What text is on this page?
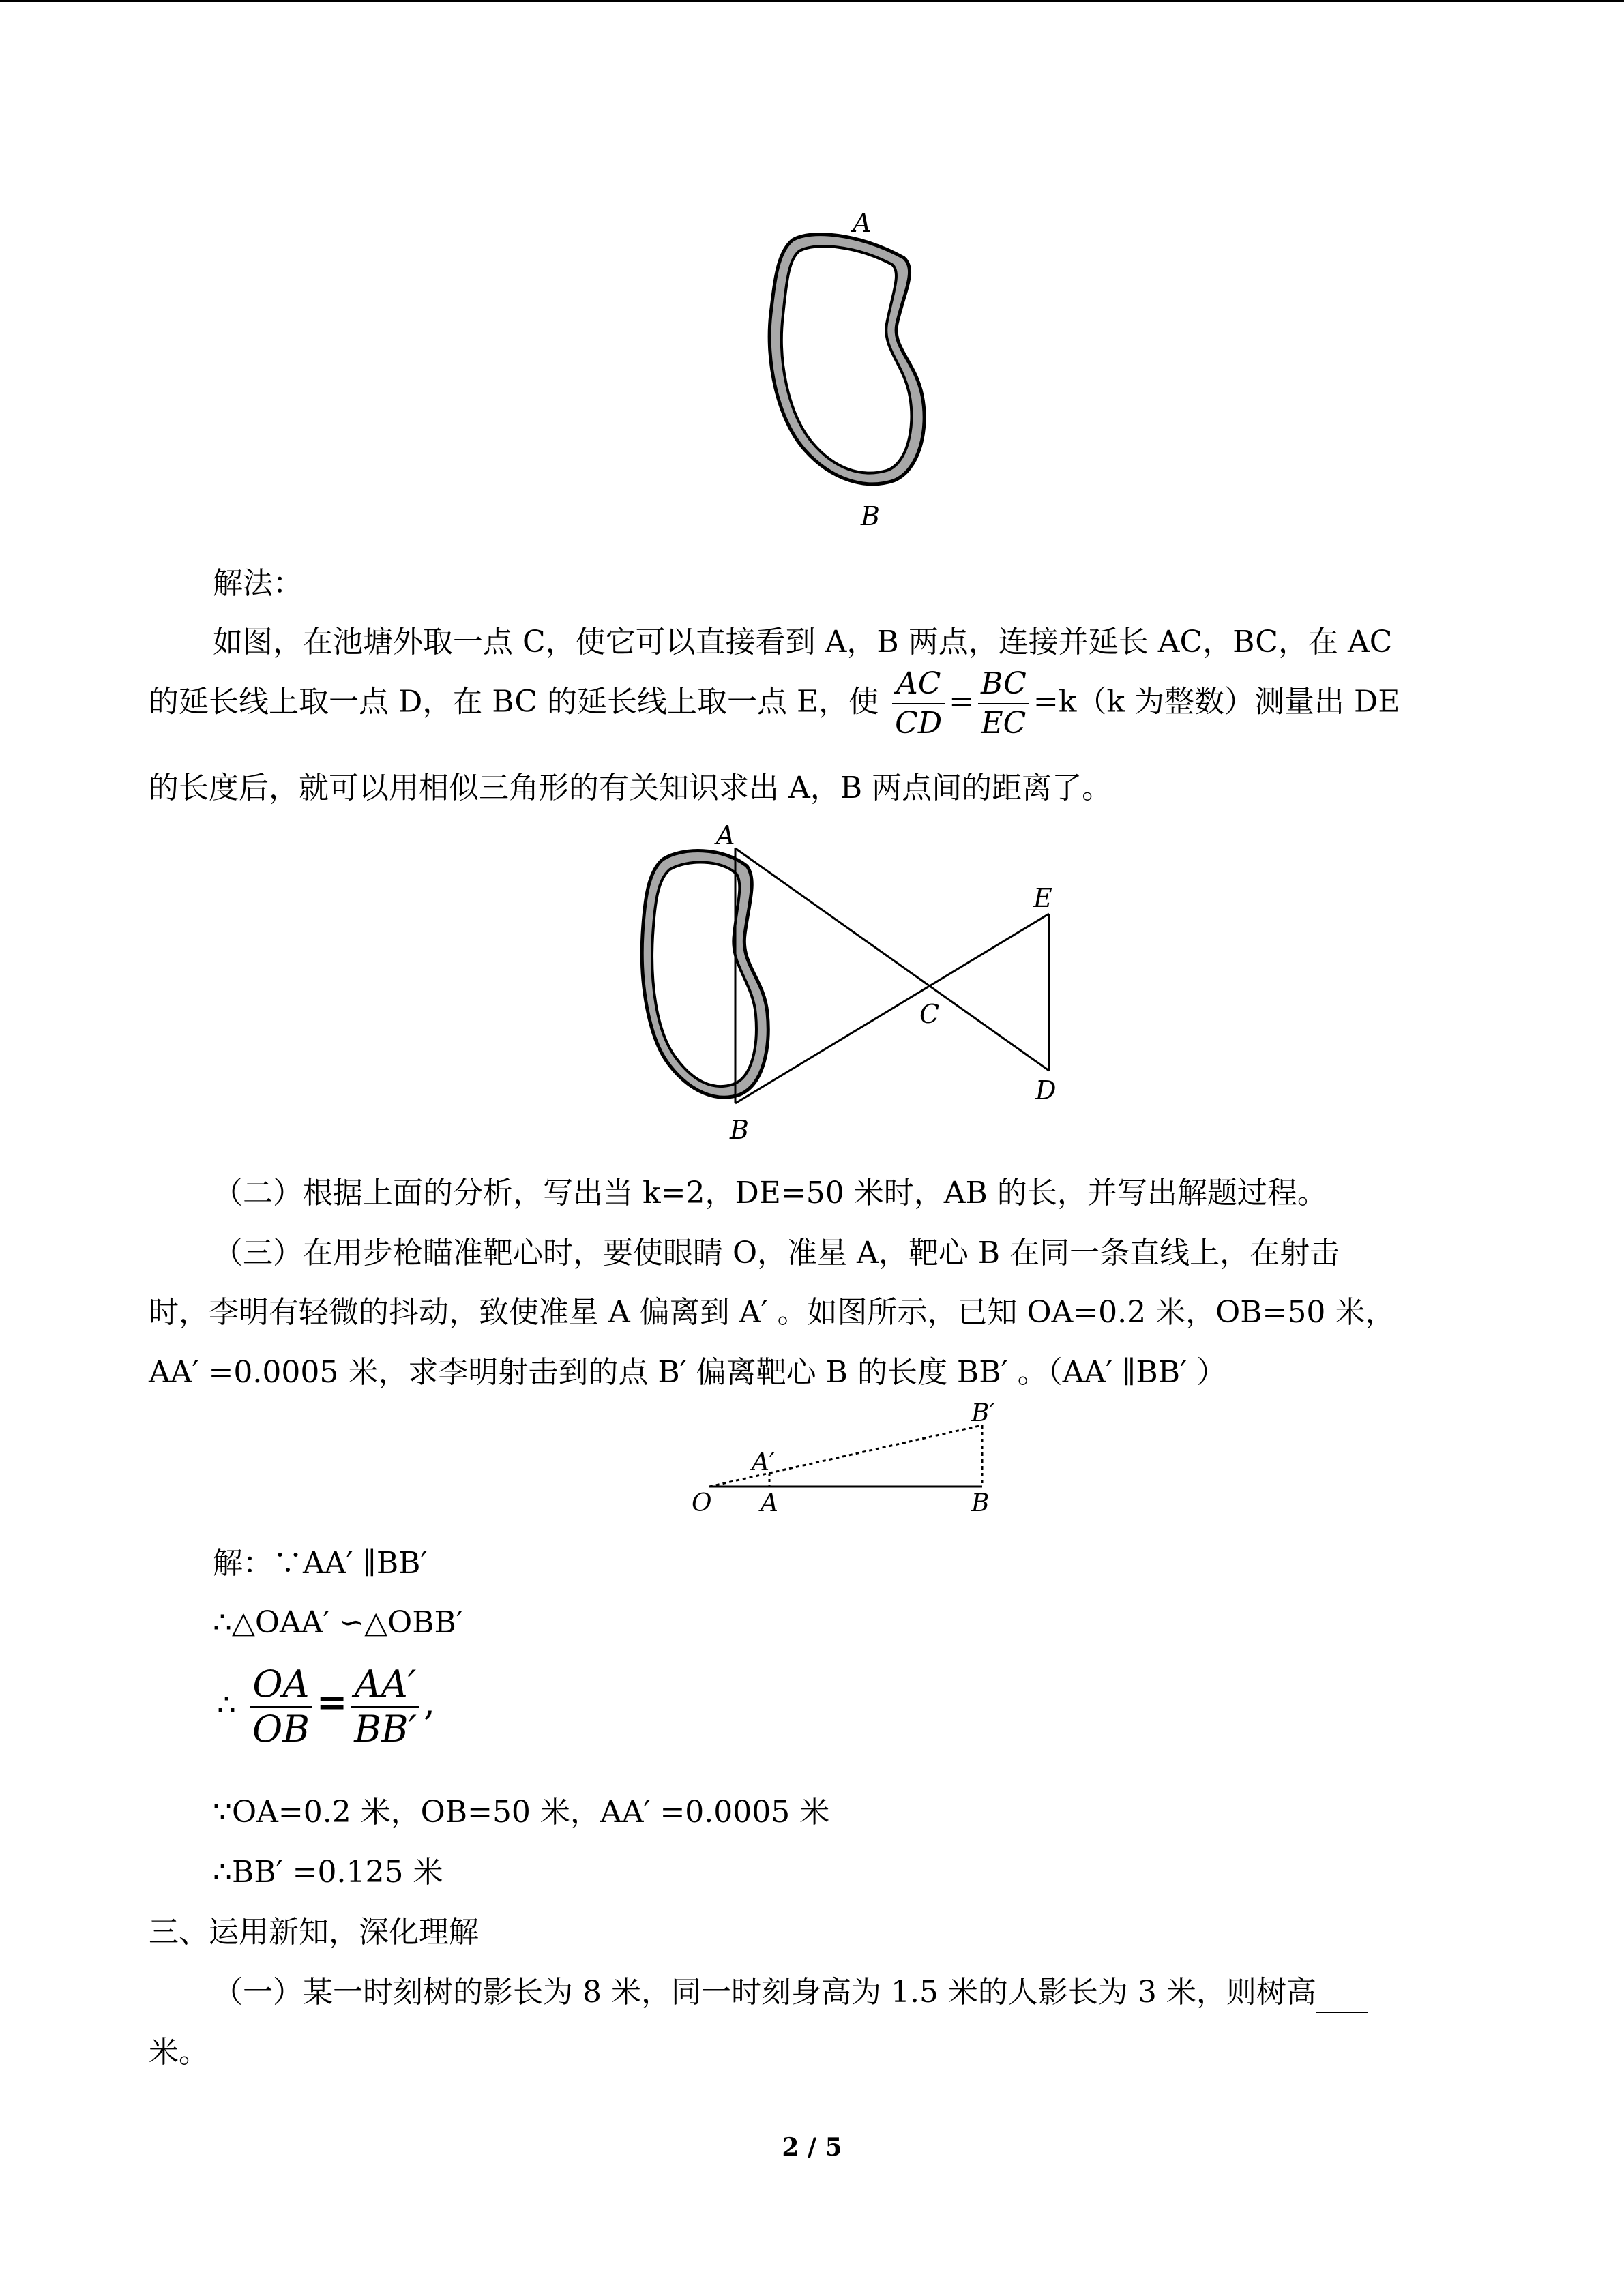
A
B
解法：
如图，在池塘外取一点 C，使它可以直接看到 A，B 两点，连接并延长 AC，BC，在 AC
的延长线上取一点 D，在 BC 的延长线上取一点 E，使 $\frac{AC}{CD} = \frac{BC}{EC} =k(k$ 为整数）测量出 DE
的长度后，就可以用相似三角形的有关知识求出 A，B 两点间的距离了。
A
B
C
D
E
（二）根据上面的分析，写出当 k=2，DE=50 米时，AB 的长，并写出解题过程。
（三）在用步枪瞄准靶心时，要使眼睛 O，准星 A，靶心 B 在同一条直线上，在射击
时，李明有轻微的抖动，致使准星 A 偏离到 A′ 。如图所示，已知 OA=0.2 米，OB=50 米，
AA′ =0.0005 米，求李明射击到的点 B′ 偏离靶心 B 的长度 BB′ 。（AA′ ∥BB′ ）
O A
A′
B
B′
解：∵AA′ ∥BB′
∴△OAA′ ∽△OBB′
∴ $\frac{OA}{OB} = \frac{AA'}{BB'}$ ,
∵OA=0.2 米，OB=50 米，AA′ =0.0005 米
∴BB′ =0.125 米
三、运用新知，深化理解
（一）某一时刻树的影长为 8 米，同一时刻身高为 1.5 米的人影长为 3 米，则树高
米。
2 / 5
